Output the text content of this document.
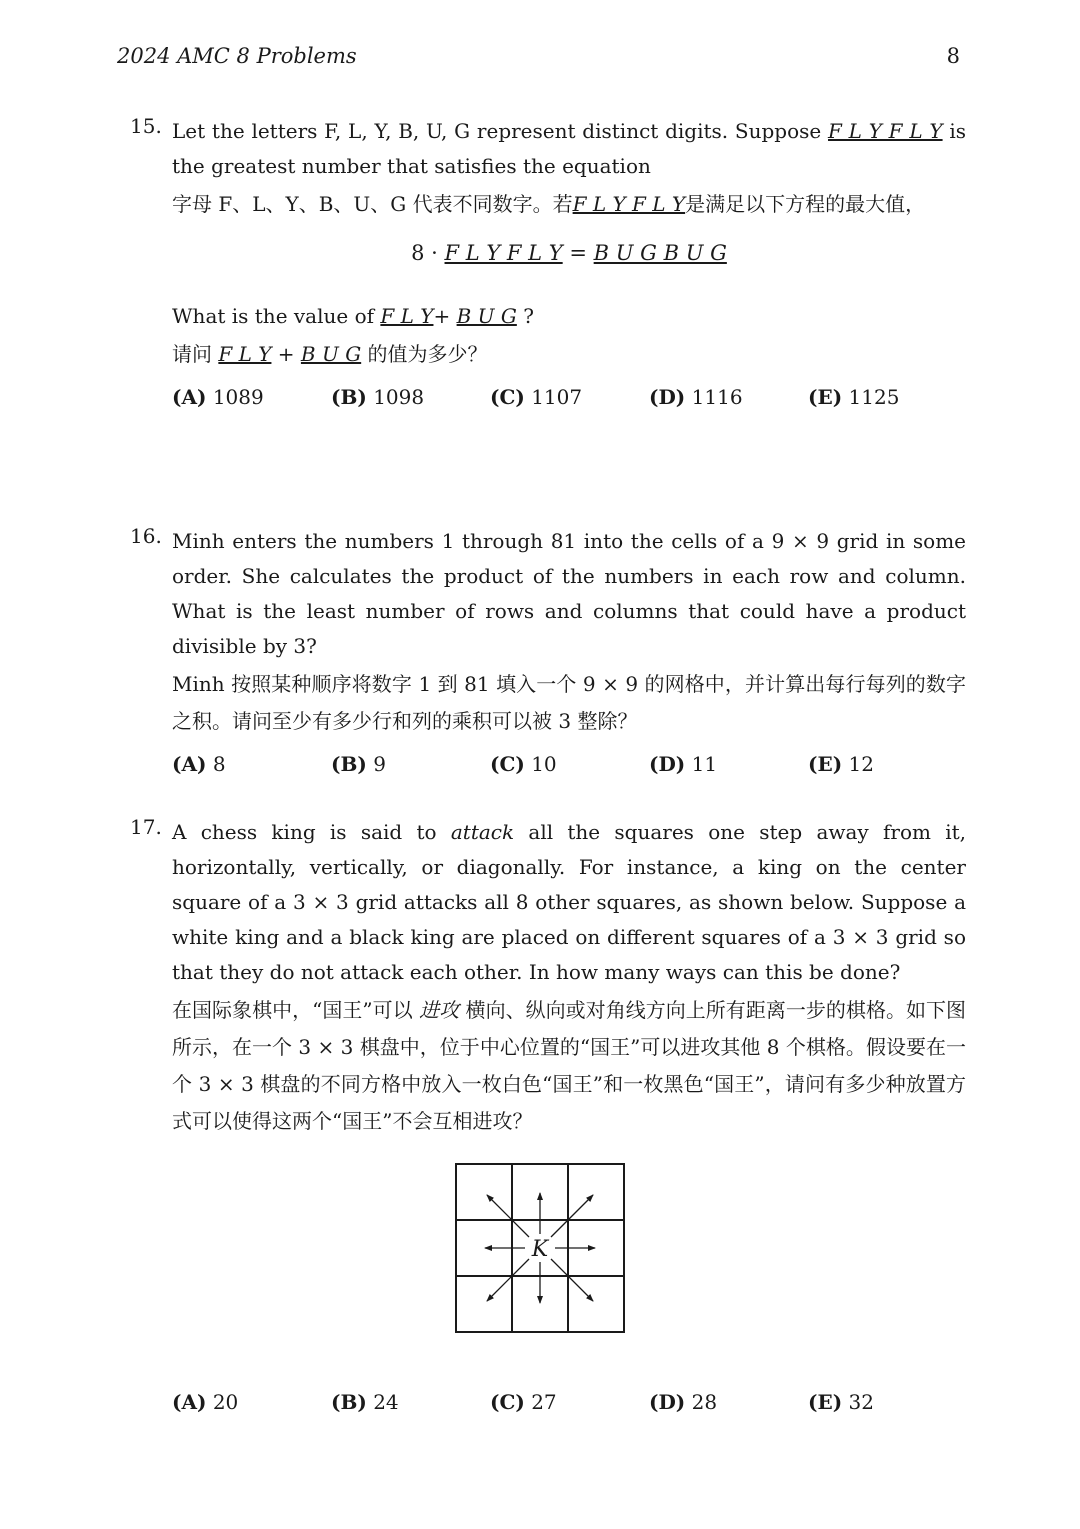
2024 AMC 8 Problems	8
15. Let the letters F, L, Y, B, U, G represent distinct digits. Suppose F L Y F L Y is the greatest number that satisfies the equation
字母 F、L、Y、B、U、G 代表不同数字。若F L Y F L Y是满足以下方程的最大值，
8 · F L Y F L Y = B U G B U G
What is the value of F L Y+ B U G ?
请问 F L Y + B U G 的值为多少？
(A) 1089	(B) 1098	(C) 1107	(D) 1116	(E) 1125
16. Minh enters the numbers 1 through 81 into the cells of a 9 × 9 grid in some order. She calculates the product of the numbers in each row and column. What is the least number of rows and columns that could have a product divisible by 3?
Minh 按照某种顺序将数字 1 到 81 填入一个 9 × 9 的网格中，并计算出每行每列的数字之积。请问至少有多少行和列的乘积可以被 3 整除？
(A) 8	(B) 9	(C) 10	(D) 11	(E) 12
17. A chess king is said to attack all the squares one step away from it, horizontally, vertically, or diagonally. For instance, a king on the center square of a 3 × 3 grid attacks all 8 other squares, as shown below. Suppose a white king and a black king are placed on different squares of a 3 × 3 grid so that they do not attack each other. In how many ways can this be done?
在国际象棋中，“国王”可以 进攻 横向、纵向或对角线方向上所有距离一步的棋格。如下图所示，在一个 3 × 3 棋盘中，位于中心位置的“国王”可以进攻其他 8 个棋格。假设要在一个 3 × 3 棋盘的不同方格中放入一枚白色“国王”和一枚黑色“国王”，请问有多少种放置方式可以使得这两个“国王”不会互相进攻？
K
(A) 20	(B) 24	(C) 27	(D) 28	(E) 32
